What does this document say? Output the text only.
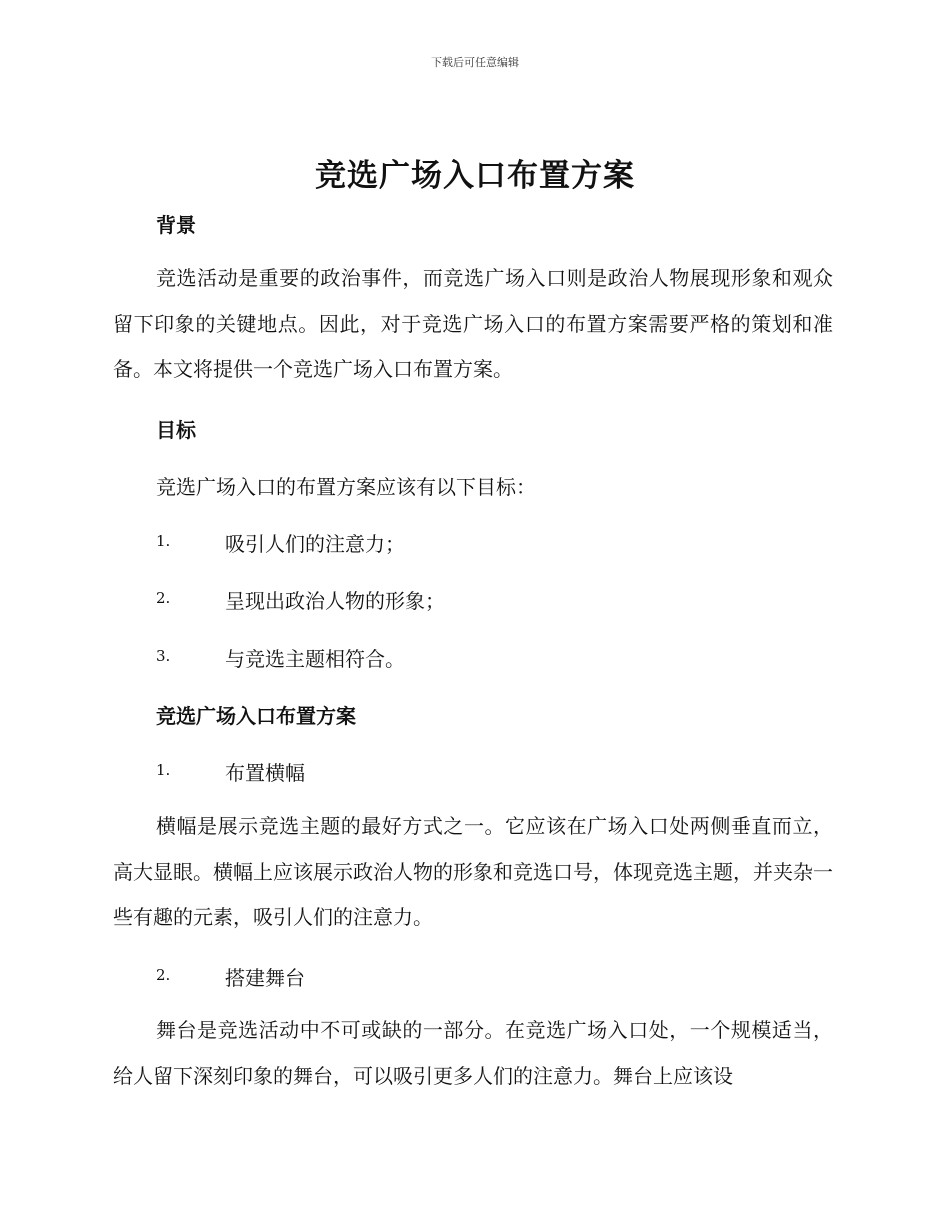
下载后可任意编辑
竞选广场入口布置方案
背景
竞选活动是重要的政治事件，而竞选广场入口则是政治人物展现形象和观众留下印象的关键地点。因此，对于竞选广场入口的布置方案需要严格的策划和准备。本文将提供一个竞选广场入口布置方案。
目标
竞选广场入口的布置方案应该有以下目标：
1.	吸引人们的注意力；
2.	呈现出政治人物的形象；
3.	与竞选主题相符合。
竞选广场入口布置方案
1.	布置横幅
横幅是展示竞选主题的最好方式之一。它应该在广场入口处两侧垂直而立，高大显眼。横幅上应该展示政治人物的形象和竞选口号，体现竞选主题，并夹杂一些有趣的元素，吸引人们的注意力。
2.	搭建舞台
舞台是竞选活动中不可或缺的一部分。在竞选广场入口处，一个规模适当，给人留下深刻印象的舞台，可以吸引更多人们的注意力。舞台上应该设
